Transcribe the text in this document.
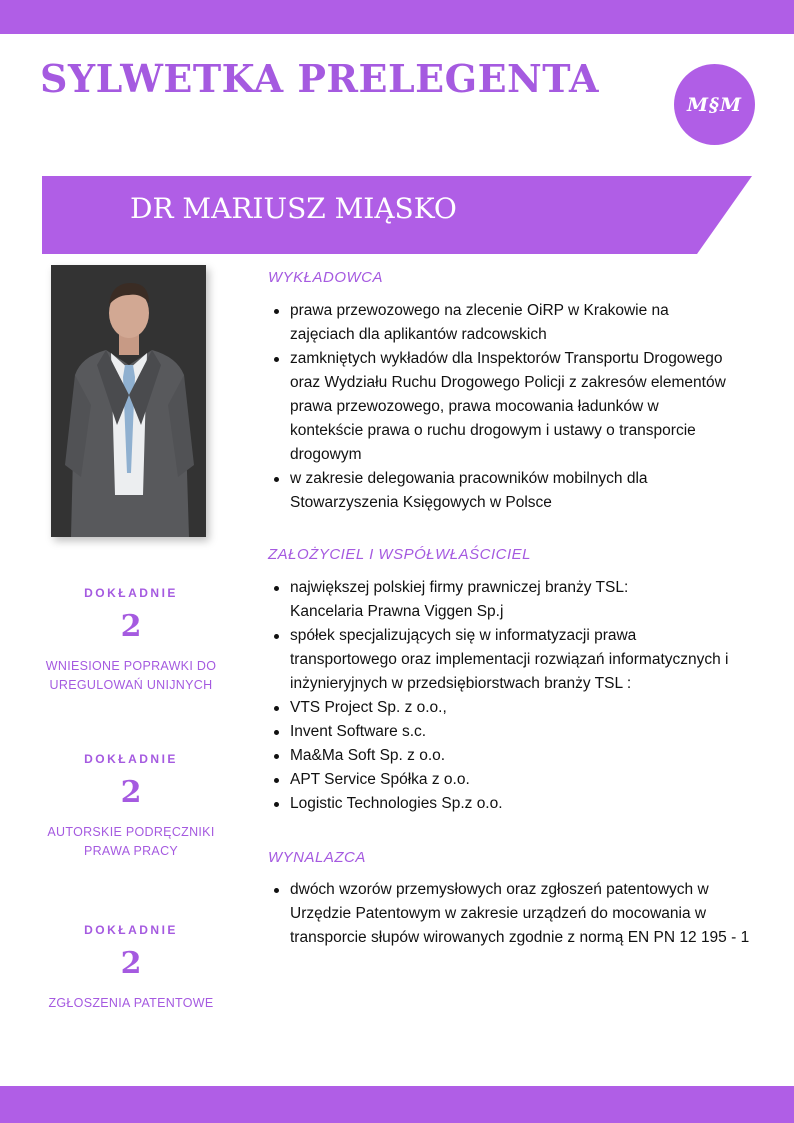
SYLWETKA PRELEGENTA
M§M
DR MARIUSZ MIĄSKO
DOKŁADNIE
2
WNIESIONE POPRAWKI DO
UREGULOWAŃ UNIJNYCH
DOKŁADNIE
2
AUTORSKIE PODRĘCZNIKI
PRAWA PRACY
DOKŁADNIE
2
ZGŁOSZENIA PATENTOWE
WYKŁADOWCA
prawa przewozowego na zlecenie OiRP w Krakowie na
zajęciach dla aplikantów radcowskich
zamkniętych wykładów dla Inspektorów Transportu Drogowego
oraz Wydziału Ruchu Drogowego Policji z zakresów elementów
prawa przewozowego, prawa mocowania ładunków w
kontekście prawa o ruchu drogowym i ustawy o transporcie
drogowym
w zakresie delegowania pracowników mobilnych dla
Stowarzyszenia Księgowych w Polsce
ZAŁOŻYCIEL I WSPÓŁWŁAŚCICIEL
największej polskiej firmy prawniczej branży TSL:
Kancelaria Prawna Viggen Sp.j
spółek specjalizujących się w informatyzacji prawa
transportowego oraz implementacji rozwiązań informatycznych i
inżynieryjnych w przedsiębiorstwach branży TSL :
VTS Project Sp. z o.o.,
Invent Software s.c.
Ma&Ma Soft Sp. z o.o.
APT Service Spółka z o.o.
Logistic Technologies Sp.z o.o.
WYNALAZCA
dwóch wzorów przemysłowych oraz zgłoszeń patentowych w
Urzędzie Patentowym w zakresie urządzeń do mocowania w
transporcie słupów wirowanych zgodnie z normą EN PN 12 195 - 1
